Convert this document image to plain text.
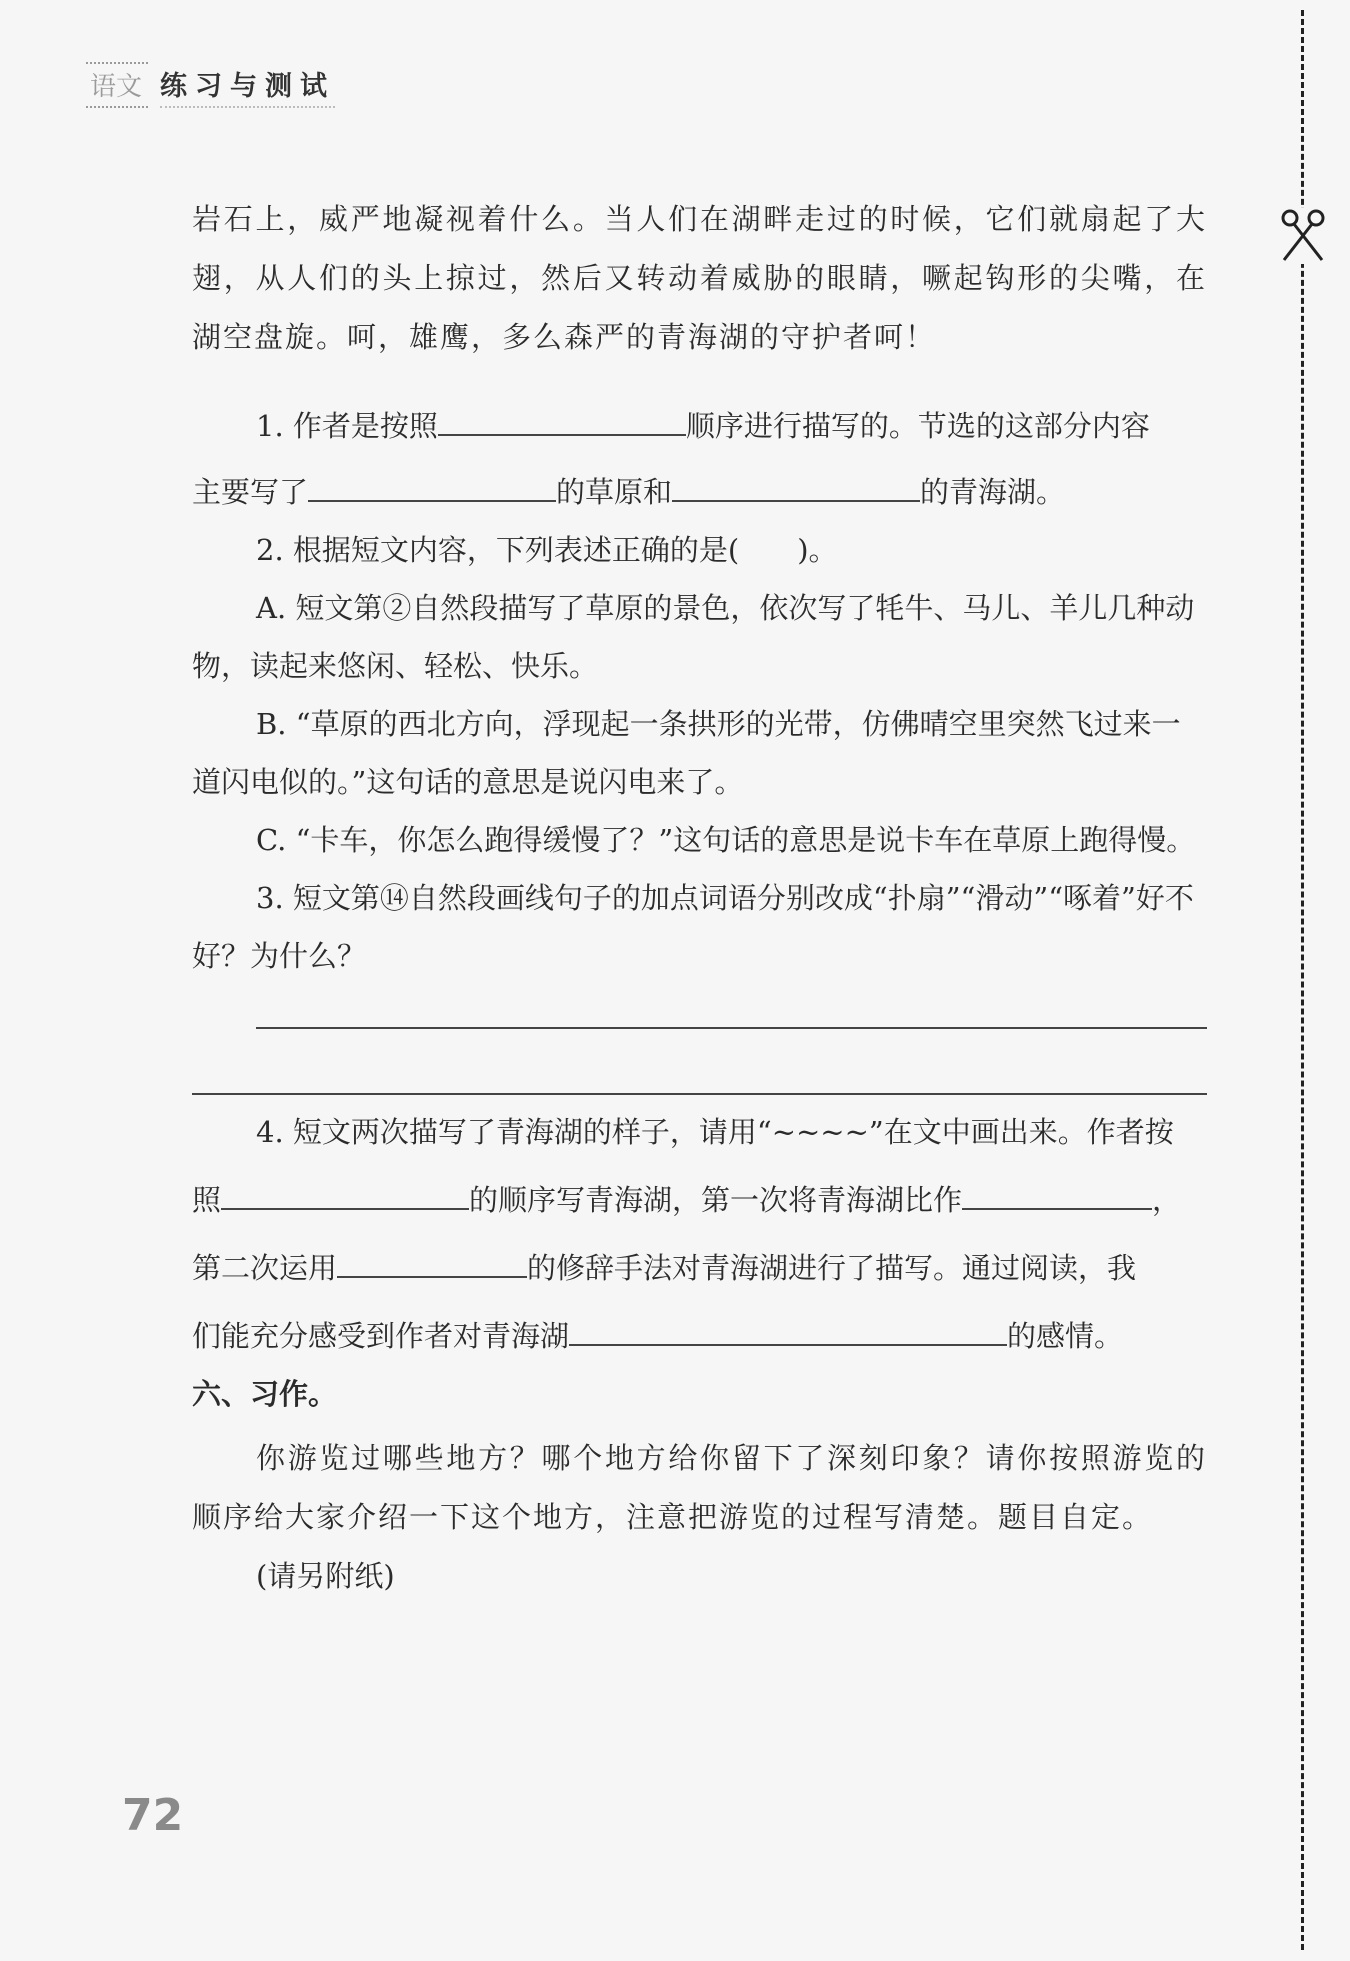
语文 练习与测试

岩石上，威严地凝视着什么。当人们在湖畔走过的时候，它们就扇起了大翅，从人们的头上掠过，然后又转动着威胁的眼睛，噘起钩形的尖嘴，在湖空盘旋。呵，雄鹰，多么森严的青海湖的守护者呵！

1. 作者是按照	顺序进行描写的。节选的这部分内容

主要写了	的草原和	的青海湖。

2. 根据短文内容，下列表述正确的是(　　)。

A. 短文第②自然段描写了草原的景色，依次写了牦牛、马儿、羊儿几种动物，读起来悠闲、轻松、快乐。

B. “草原的西北方向，浮现起一条拱形的光带，仿佛晴空里突然飞过来一道闪电似的。”这句话的意思是说闪电来了。

C. “卡车，你怎么跑得缓慢了？”这句话的意思是说卡车在草原上跑得慢。

3. 短文第⑭自然段画线句子的加点词语分别改成“扑扇”“滑动”“啄着”好不好？为什么？

4. 短文两次描写了青海湖的样子，请用“~~~~”在文中画出来。作者按

照	的顺序写青海湖，第一次将青海湖比作	，

第二次运用	的修辞手法对青海湖进行了描写。通过阅读，我

们能充分感受到作者对青海湖	的感情。

六、习作。

你游览过哪些地方？哪个地方给你留下了深刻印象？请你按照游览的顺序给大家介绍一下这个地方，注意把游览的过程写清楚。题目自定。

(请另附纸)

72
